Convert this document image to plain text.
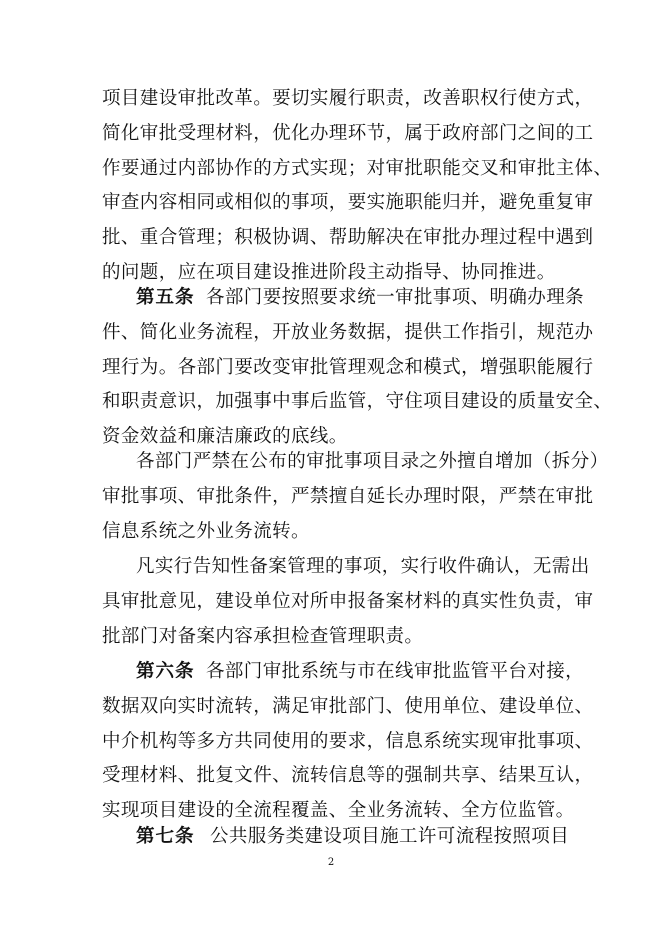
项目建设审批改革。要切实履行职责，改善职权行使方式，
简化审批受理材料，优化办理环节，属于政府部门之间的工
作要通过内部协作的方式实现；对审批职能交叉和审批主体、
审查内容相同或相似的事项，要实施职能归并，避免重复审
批、重合管理；积极协调、帮助解决在审批办理过程中遇到
的问题，应在项目建设推进阶段主动指导、协同推进。
第五条 各部门要按照要求统一审批事项、明确办理条
件、简化业务流程，开放业务数据，提供工作指引，规范办
理行为。各部门要改变审批管理观念和模式，增强职能履行
和职责意识，加强事中事后监管，守住项目建设的质量安全、
资金效益和廉洁廉政的底线。
各部门严禁在公布的审批事项目录之外擅自增加（拆分）
审批事项、审批条件，严禁擅自延长办理时限，严禁在审批
信息系统之外业务流转。
凡实行告知性备案管理的事项，实行收件确认，无需出
具审批意见，建设单位对所申报备案材料的真实性负责，审
批部门对备案内容承担检查管理职责。
第六条 各部门审批系统与市在线审批监管平台对接，
数据双向实时流转，满足审批部门、使用单位、建设单位、
中介机构等多方共同使用的要求，信息系统实现审批事项、
受理材料、批复文件、流转信息等的强制共享、结果互认，
实现项目建设的全流程覆盖、全业务流转、全方位监管。
第七条 公共服务类建设项目施工许可流程按照项目
2
